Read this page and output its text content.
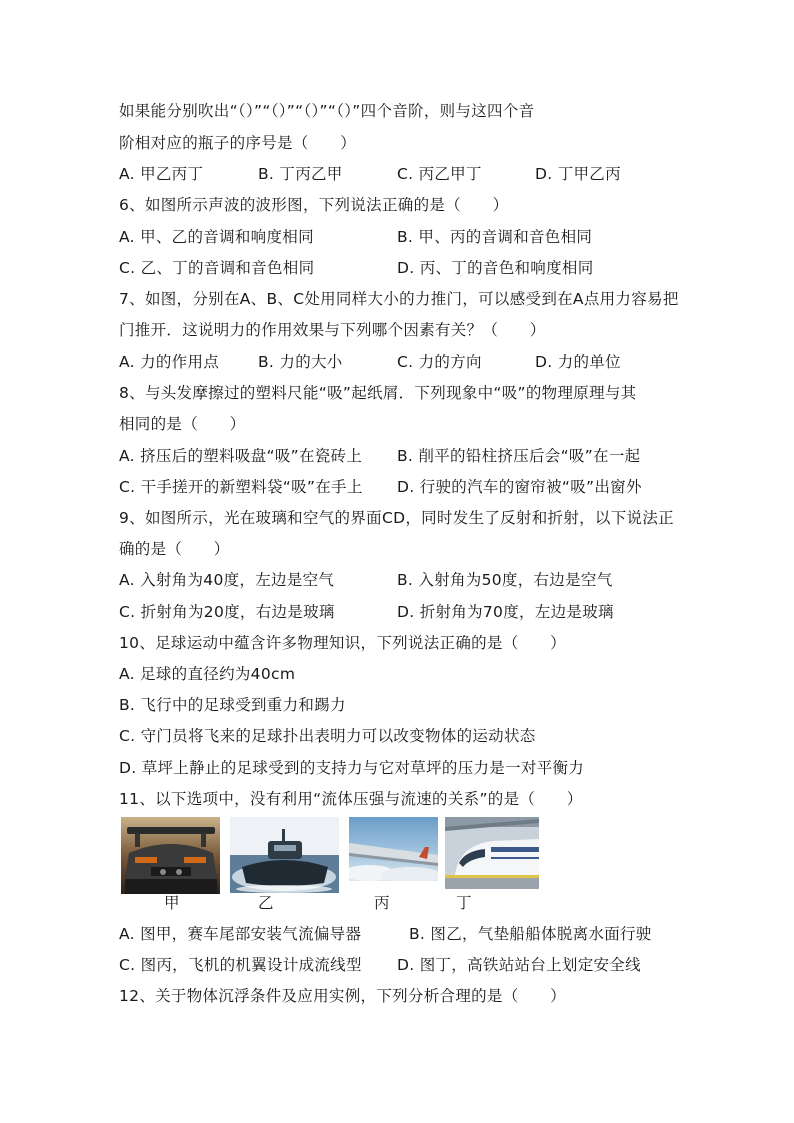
如果能分别吹出“（）”“（）”“（）”“（）”四个音阶，则与这四个音
阶相对应的瓶子的序号是（　　）
A. 甲乙丙丁	B. 丁丙乙甲	C. 丙乙甲丁	D. 丁甲乙丙
6、如图所示声波的波形图，下列说法正确的是（　　）
A. 甲、乙的音调和响度相同	B. 甲、丙的音调和音色相同
C. 乙、丁的音调和音色相同	D. 丙、丁的音色和响度相同
7、如图，分别在A、B、C处用同样大小的力推门，可以感受到在A点用力容易把
门推开．这说明力的作用效果与下列哪个因素有关？（　　）
A. 力的作用点	B. 力的大小	C. 力的方向	D. 力的单位
8、与头发摩擦过的塑料尺能“吸”起纸屑．下列现象中“吸”的物理原理与其
相同的是（　　）
A. 挤压后的塑料吸盘“吸”在瓷砖上 B. 削平的铅柱挤压后会“吸”在一起
C. 干手搓开的新塑料袋“吸”在手上 D. 行驶的汽车的窗帘被“吸”出窗外
9、如图所示，光在玻璃和空气的界面CD，同时发生了反射和折射，以下说法正
确的是（　　）
A. 入射角为40度，左边是空气	B. 入射角为50度，右边是空气
C. 折射角为20度，右边是玻璃	D. 折射角为70度，左边是玻璃
10、足球运动中蕴含许多物理知识，下列说法正确的是（　　）
A. 足球的直径约为40cm
B. 飞行中的足球受到重力和踢力
C. 守门员将飞来的足球扑出表明力可以改变物体的运动状态
D. 草坪上静止的足球受到的支持力与它对草坪的压力是一对平衡力
11、以下选项中，没有利用“流体压强与流速的关系”的是（　　）
甲	乙	丙	丁
A. 图甲，赛车尾部安装气流偏导器	B. 图乙，气垫船船体脱离水面行驶
C. 图丙，飞机的机翼设计成流线型 D. 图丁，高铁站站台上划定安全线
12、关于物体沉浮条件及应用实例，下列分析合理的是（　　）
